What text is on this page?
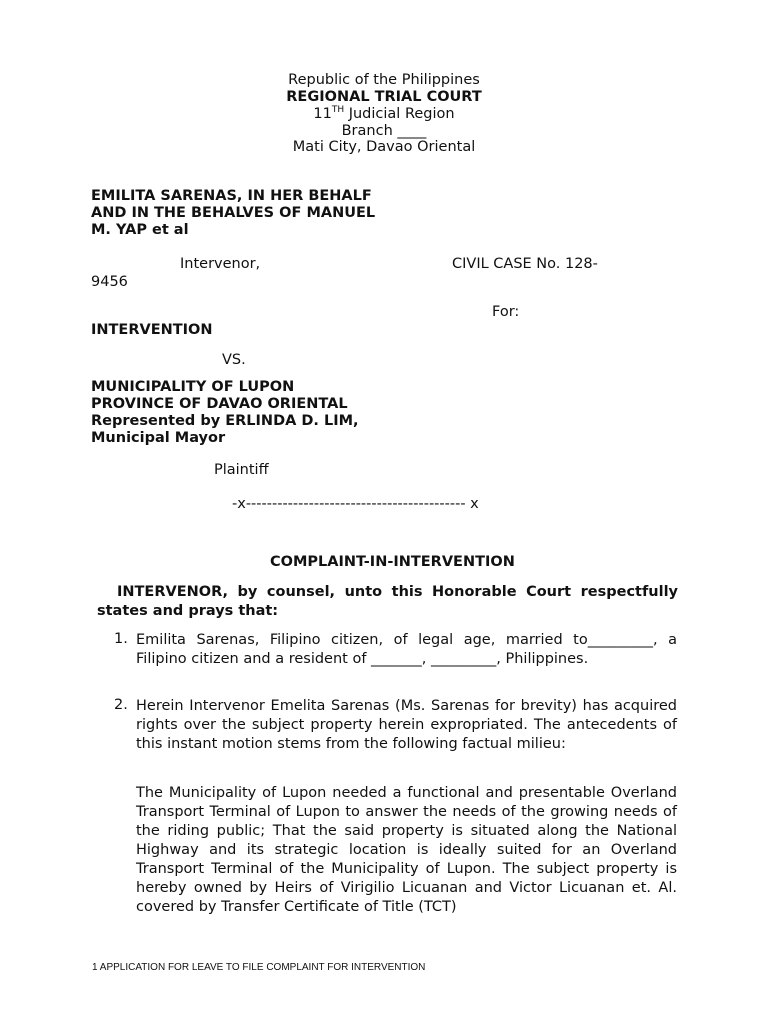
Republic of the Philippines
REGIONAL TRIAL COURT
11TH Judicial Region
Branch ____
Mati City, Davao Oriental
EMILITA SARENAS, IN HER BEHALF
AND IN THE BEHALVES OF MANUEL
M. YAP et al
Intervenor,	CIVIL CASE No. 128-
9456
For:
INTERVENTION
VS.
MUNICIPALITY OF LUPON
PROVINCE OF DAVAO ORIENTAL
Represented by ERLINDA D. LIM,
Municipal Mayor
Plaintiff
-x------------------------------------------ x
COMPLAINT-IN-INTERVENTION
INTERVENOR, by counsel, unto this Honorable Court respectfully states and prays that:
1. Emilita Sarenas, Filipino citizen, of legal age, married to_________, a Filipino citizen and a resident of _______, _________, Philippines.
2. Herein Intervenor Emelita Sarenas (Ms. Sarenas for brevity) has acquired rights over the subject property herein expropriated. The antecedents of this instant motion stems from the following factual milieu:
The Municipality of Lupon needed a functional and presentable Overland Transport Terminal of Lupon to answer the needs of the growing needs of the riding public; That the said property is situated along the National Highway and its strategic location is ideally suited for an Overland Transport Terminal of the Municipality of Lupon. The subject property is hereby owned by Heirs of Virigilio Licuanan and Victor Licuanan et. Al. covered by Transfer Certificate of Title (TCT)
1 APPLICATION FOR LEAVE TO FILE COMPLAINT FOR INTERVENTION
